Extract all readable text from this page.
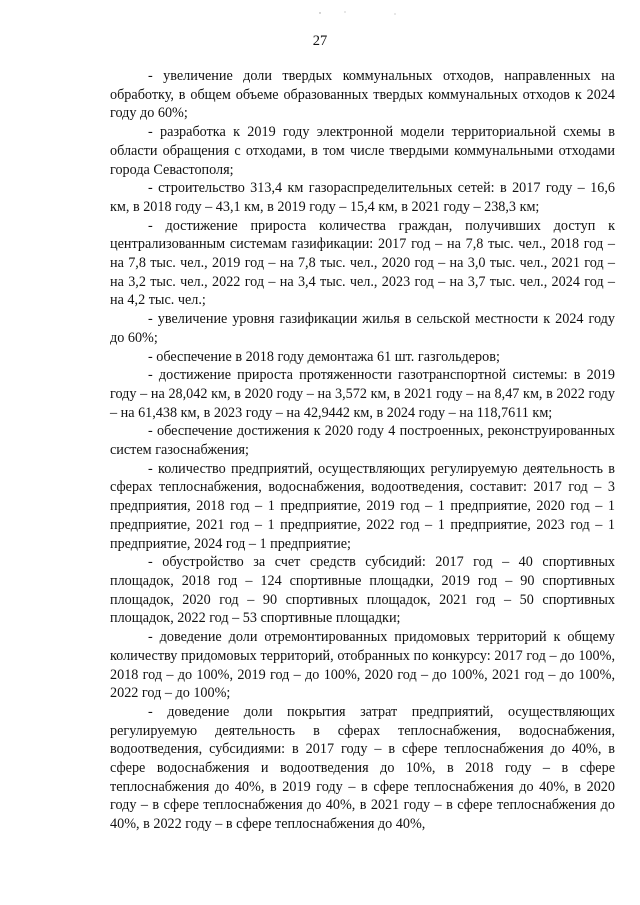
27

- увеличение доли твердых коммунальных отходов, направленных на обработку, в общем объеме образованных твердых коммунальных отходов к 2024 году до 60%;

- разработка к 2019 году электронной модели территориальной схемы в области обращения с отходами, в том числе твердыми коммунальными отходами города Севастополя;

- строительство 313,4 км газораспределительных сетей: в 2017 году – 16,6 км, в 2018 году – 43,1 км, в 2019 году – 15,4 км, в 2021 году – 238,3 км;

- достижение прироста количества граждан, получивших доступ к централизованным системам газификации: 2017 год – на 7,8 тыс. чел., 2018 год – на 7,8 тыс. чел., 2019 год – на 7,8 тыс. чел., 2020 год – на 3,0 тыс. чел., 2021 год – на 3,2 тыс. чел., 2022 год – на 3,4 тыс. чел., 2023 год – на 3,7 тыс. чел., 2024 год – на 4,2 тыс. чел.;

- увеличение уровня газификации жилья в сельской местности к 2024 году до 60%;

- обеспечение в 2018 году демонтажа 61 шт. газгольдеров;

- достижение прироста протяженности газотранспортной системы: в 2019 году – на 28,042 км, в 2020 году – на 3,572 км, в 2021 году – на 8,47 км, в 2022 году – на 61,438 км, в 2023 году – на 42,9442 км, в 2024 году – на 118,7611 км;

- обеспечение достижения к 2020 году 4 построенных, реконструированных систем газоснабжения;

- количество предприятий, осуществляющих регулируемую деятельность в сферах теплоснабжения, водоснабжения, водоотведения, составит: 2017 год – 3 предприятия, 2018 год – 1 предприятие, 2019 год – 1 предприятие, 2020 год – 1 предприятие, 2021 год – 1 предприятие, 2022 год – 1 предприятие, 2023 год – 1 предприятие, 2024 год – 1 предприятие;

- обустройство за счет средств субсидий: 2017 год – 40 спортивных площадок, 2018 год – 124 спортивные площадки, 2019 год – 90 спортивных площадок, 2020 год – 90 спортивных площадок, 2021 год – 50 спортивных площадок, 2022 год – 53 спортивные площадки;

- доведение доли отремонтированных придомовых территорий к общему количеству придомовых территорий, отобранных по конкурсу: 2017 год – до 100%, 2018 год – до 100%, 2019 год – до 100%, 2020 год – до 100%, 2021 год – до 100%, 2022 год – до 100%;

- доведение доли покрытия затрат предприятий, осуществляющих регулируемую деятельность в сферах теплоснабжения, водоснабжения, водоотведения, субсидиями: в 2017 году – в сфере теплоснабжения до 40%, в сфере водоснабжения и водоотведения до 10%, в 2018 году – в сфере теплоснабжения до 40%, в 2019 году – в сфере теплоснабжения до 40%, в 2020 году – в сфере теплоснабжения до 40%, в 2021 году – в сфере теплоснабжения до 40%, в 2022 году – в сфере теплоснабжения до 40%,
